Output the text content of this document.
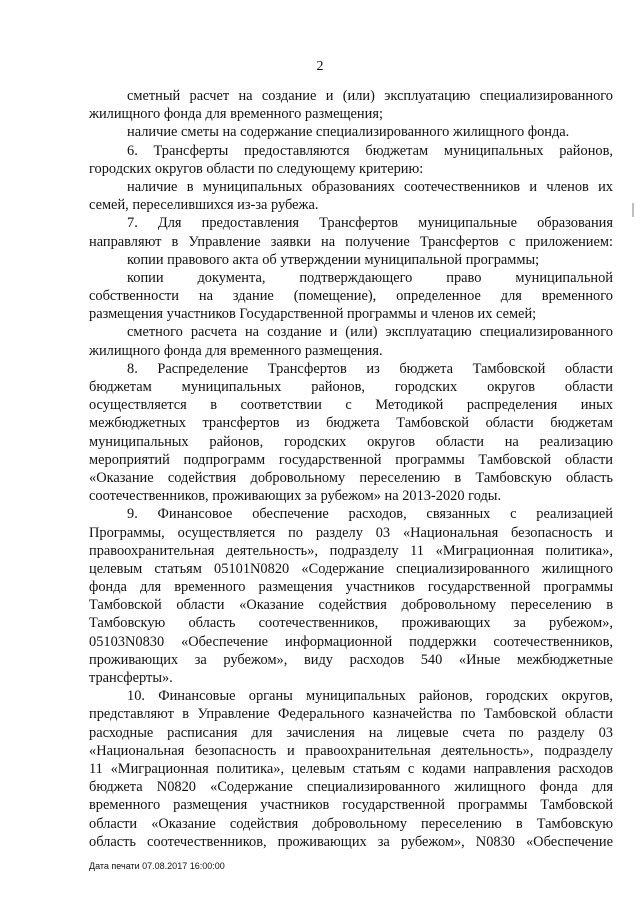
2
сметный расчет на создание и (или) эксплуатацию специализированного
жилищного фонда для временного размещения;
наличие сметы на содержание специализированного жилищного фонда.
6. Трансферты предоставляются бюджетам муниципальных районов,
городских округов области по следующему критерию:
наличие в муниципальных образованиях соотечественников и членов их
семей, переселившихся из-за рубежа.
7. Для предоставления Трансфертов муниципальные образования
направляют в Управление заявки на получение Трансфертов с приложением:
копии правового акта об утверждении муниципальной программы;
копии документа, подтверждающего право муниципальной
собственности на здание (помещение), определенное для временного
размещения участников Государственной программы и членов их семей;
сметного расчета на создание и (или) эксплуатацию специализированного
жилищного фонда для временного размещения.
8. Распределение Трансфертов из бюджета Тамбовской области
бюджетам муниципальных районов, городских округов области
осуществляется в соответствии с Методикой распределения иных
межбюджетных трансфертов из бюджета Тамбовской области бюджетам
муниципальных районов, городских округов области на реализацию
мероприятий подпрограмм государственной программы Тамбовской области
«Оказание содействия добровольному переселению в Тамбовскую область
соотечественников, проживающих за рубежом» на 2013-2020 годы.
9. Финансовое обеспечение расходов, связанных с реализацией
Программы, осуществляется по разделу 03 «Национальная безопасность и
правоохранительная деятельность», подразделу 11 «Миграционная политика»,
целевым статьям 05101N0820 «Содержание специализированного жилищного
фонда для временного размещения участников государственной программы
Тамбовской области «Оказание содействия добровольному переселению в
Тамбовскую область соотечественников, проживающих за рубежом»,
05103N0830 «Обеспечение информационной поддержки соотечественников,
проживающих за рубежом», виду расходов 540 «Иные межбюджетные
трансферты».
10. Финансовые органы муниципальных районов, городских округов,
представляют в Управление Федерального казначейства по Тамбовской области
расходные расписания для зачисления на лицевые счета по разделу 03
«Национальная безопасность и правоохранительная деятельность», подразделу
11 «Миграционная политика», целевым статьям с кодами направления расходов
бюджета N0820 «Содержание специализированного жилищного фонда для
временного размещения участников государственной программы Тамбовской
области «Оказание содействия добровольному переселению в Тамбовскую
область соотечественников, проживающих за рубежом», N0830 «Обеспечение
Дата печати 07.08.2017 16:00:00
